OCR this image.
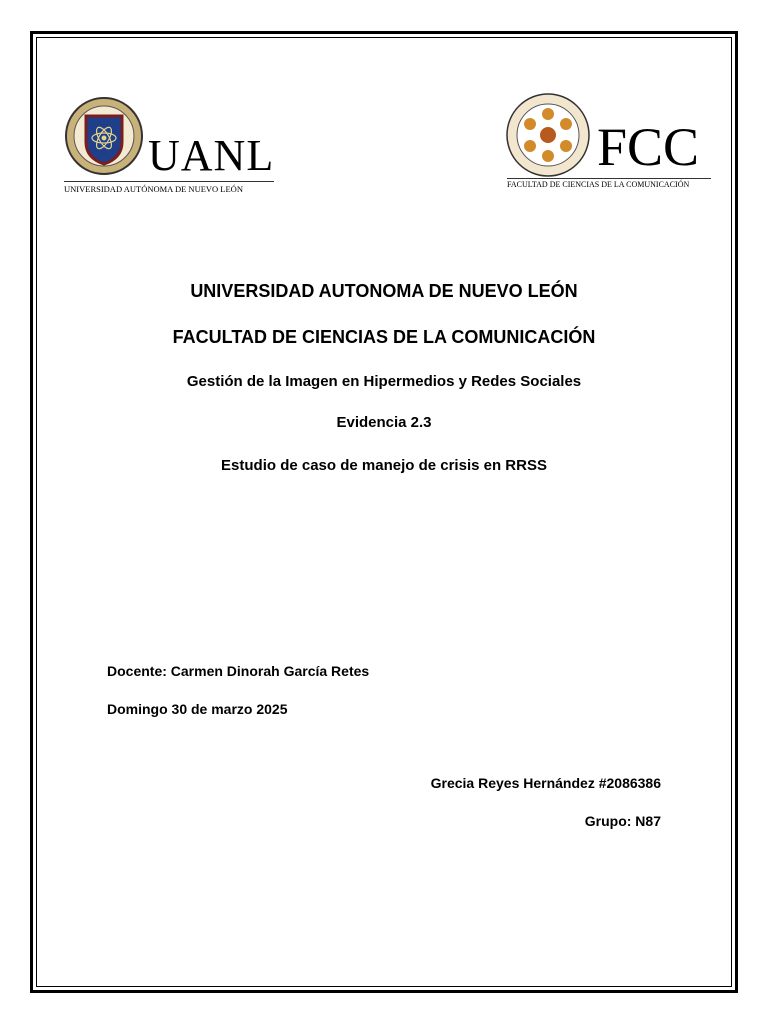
UANL
UNIVERSIDAD AUTÓNOMA DE NUEVO LEÓN
FCC
FACULTAD DE CIENCIAS DE LA COMUNICACIÓN
UNIVERSIDAD AUTONOMA DE NUEVO LEÓN
FACULTAD DE CIENCIAS DE LA COMUNICACIÓN
Gestión de la Imagen en Hipermedios y Redes Sociales
Evidencia 2.3
Estudio de caso de manejo de crisis en RRSS
Docente: Carmen Dinorah García Retes
Domingo 30 de marzo 2025
Grecia Reyes Hernández #2086386
Grupo: N87
